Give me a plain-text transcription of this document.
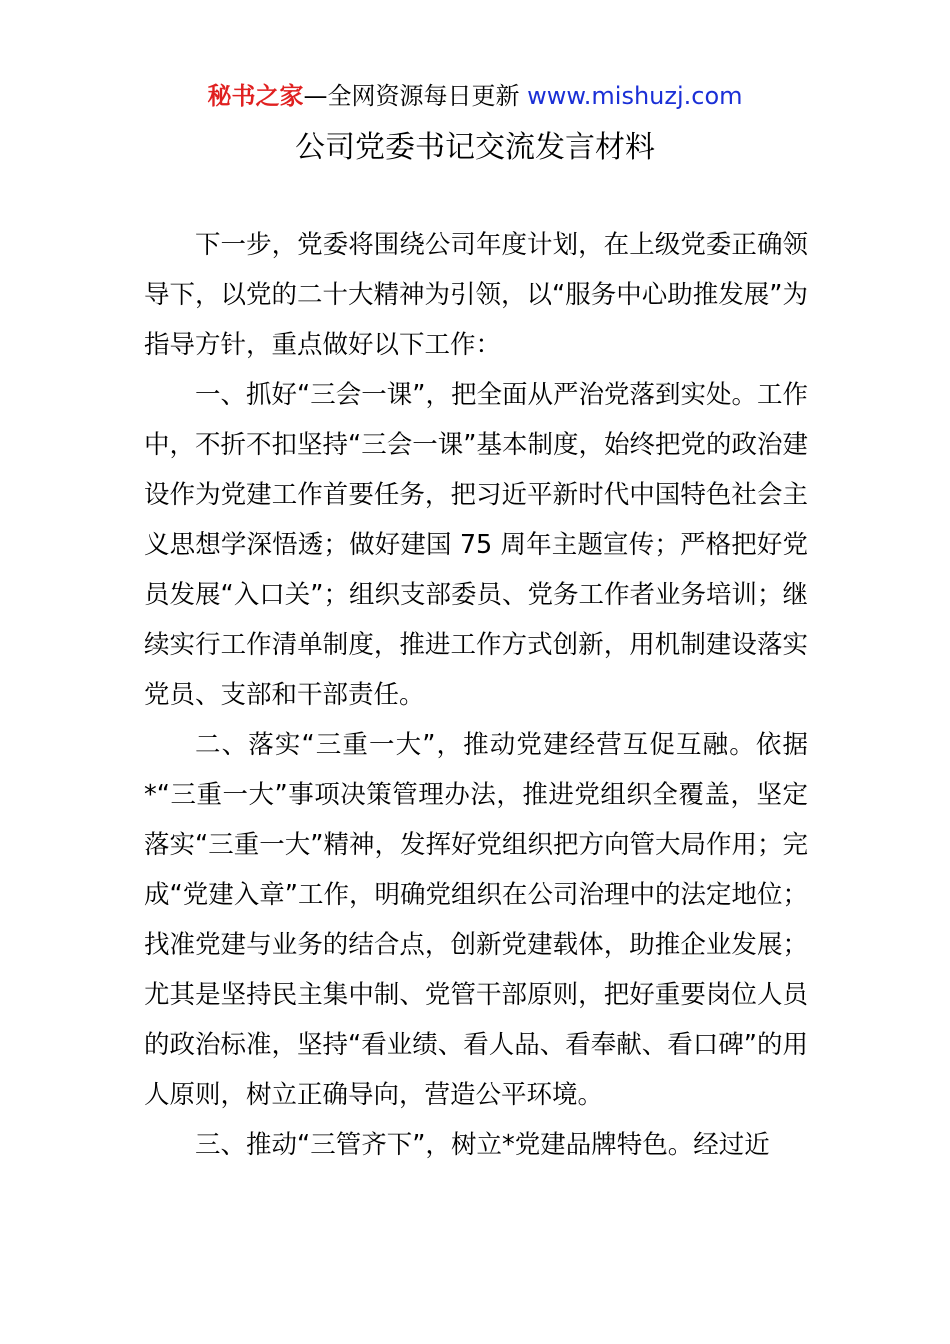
秘书之家—全网资源每日更新 www.mishuzj.com
公司党委书记交流发言材料

下一步，党委将围绕公司年度计划，在上级党委正确领导下，以党的二十大精神为引领，以“服务中心助推发展”为指导方针，重点做好以下工作：

一、抓好“三会一课”，把全面从严治党落到实处。工作中，不折不扣坚持“三会一课”基本制度，始终把党的政治建设作为党建工作首要任务，把习近平新时代中国特色社会主义思想学深悟透；做好建国 75 周年主题宣传；严格把好党员发展“入口关”；组织支部委员、党务工作者业务培训；继续实行工作清单制度，推进工作方式创新，用机制建设落实党员、支部和干部责任。

二、落实“三重一大”，推动党建经营互促互融。依据*“三重一大”事项决策管理办法，推进党组织全覆盖，坚定落实“三重一大”精神，发挥好党组织把方向管大局作用；完成“党建入章”工作，明确党组织在公司治理中的法定地位；找准党建与业务的结合点，创新党建载体，助推企业发展；尤其是坚持民主集中制、党管干部原则，把好重要岗位人员的政治标准，坚持“看业绩、看人品、看奉献、看口碑”的用人原则，树立正确导向，营造公平环境。

三、推动“三管齐下”，树立*党建品牌特色。经过近
